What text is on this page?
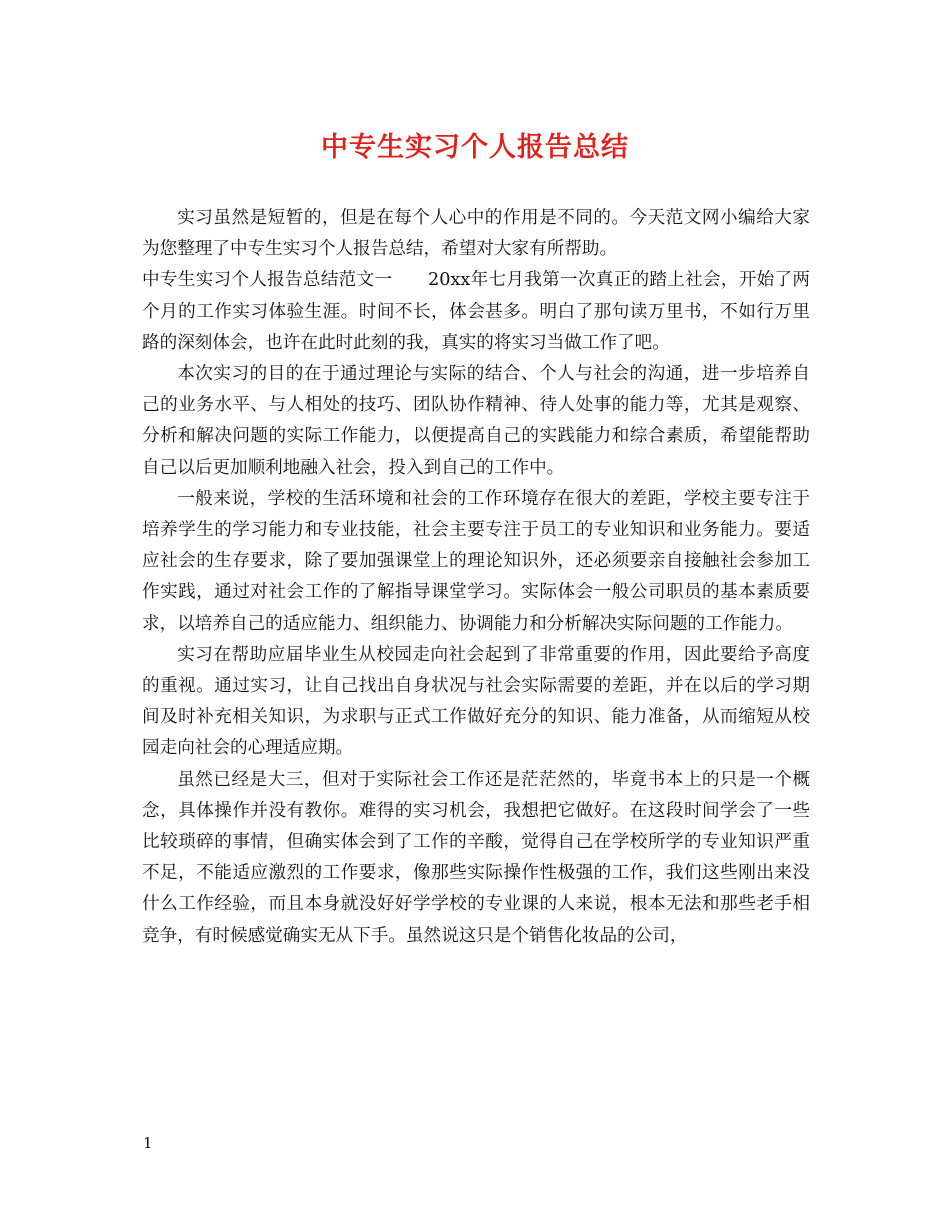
中专生实习个人报告总结

实习虽然是短暂的，但是在每个人心中的作用是不同的。今天范文网小编给大家为您整理了中专生实习个人报告总结，希望对大家有所帮助。

中专生实习个人报告总结范文一　　20xx年七月我第一次真正的踏上社会，开始了两个月的工作实习体验生涯。时间不长，体会甚多。明白了那句读万里书，不如行万里路的深刻体会，也许在此时此刻的我，真实的将实习当做工作了吧。

本次实习的目的在于通过理论与实际的结合、个人与社会的沟通，进一步培养自己的业务水平、与人相处的技巧、团队协作精神、待人处事的能力等，尤其是观察、分析和解决问题的实际工作能力，以便提高自己的实践能力和综合素质，希望能帮助自己以后更加顺利地融入社会，投入到自己的工作中。

一般来说，学校的生活环境和社会的工作环境存在很大的差距，学校主要专注于培养学生的学习能力和专业技能，社会主要专注于员工的专业知识和业务能力。要适应社会的生存要求，除了要加强课堂上的理论知识外，还必须要亲自接触社会参加工作实践，通过对社会工作的了解指导课堂学习。实际体会一般公司职员的基本素质要求，以培养自己的适应能力、组织能力、协调能力和分析解决实际问题的工作能力。

实习在帮助应届毕业生从校园走向社会起到了非常重要的作用，因此要给予高度的重视。通过实习，让自己找出自身状况与社会实际需要的差距，并在以后的学习期间及时补充相关知识，为求职与正式工作做好充分的知识、能力准备，从而缩短从校园走向社会的心理适应期。

虽然已经是大三，但对于实际社会工作还是茫茫然的，毕竟书本上的只是一个概念，具体操作并没有教你。难得的实习机会，我想把它做好。在这段时间学会了一些比较琐碎的事情，但确实体会到了工作的辛酸，觉得自己在学校所学的专业知识严重不足，不能适应激烈的工作要求，像那些实际操作性极强的工作，我们这些刚出来没什么工作经验，而且本身就没好好学学校的专业课的人来说，根本无法和那些老手相竞争，有时候感觉确实无从下手。虽然说这只是个销售化妆品的公司，

1
